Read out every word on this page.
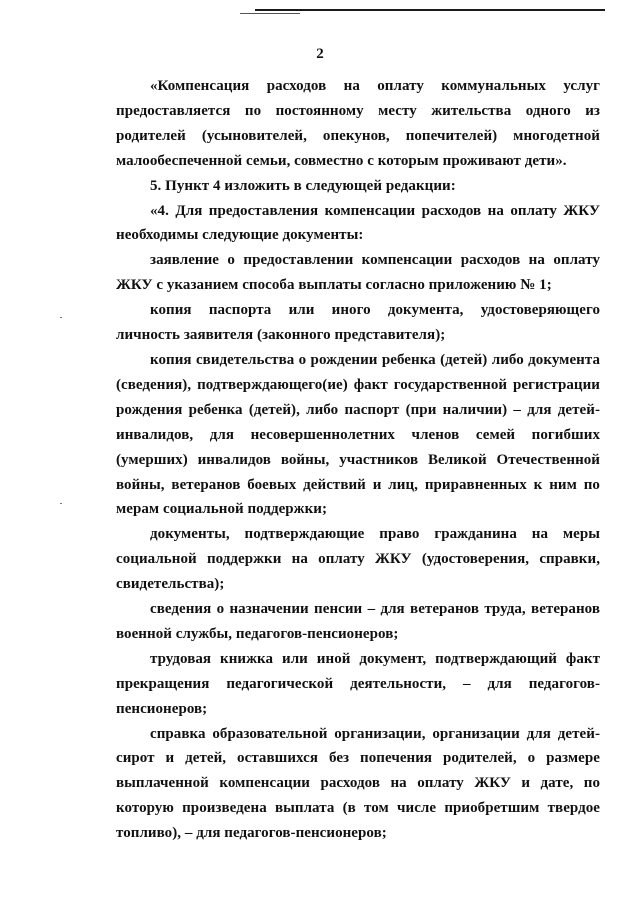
2

«Компенсация расходов на оплату коммунальных услуг предоставляется по постоянному месту жительства одного из родителей (усыновителей, опекунов, попечителей) многодетной малообеспеченной семьи, совместно с которым проживают дети».

5. Пункт 4 изложить в следующей редакции:

«4. Для предоставления компенсации расходов на оплату ЖКУ необходимы следующие документы:

заявление о предоставлении компенсации расходов на оплату ЖКУ с указанием способа выплаты согласно приложению № 1;

копия паспорта или иного документа, удостоверяющего личность заявителя (законного представителя);

копия свидетельства о рождении ребенка (детей) либо документа (сведения), подтверждающего(ие) факт государственной регистрации рождения ребенка (детей), либо паспорт (при наличии) – для детей-инвалидов, для несовершеннолетних членов семей погибших (умерших) инвалидов войны, участников Великой Отечественной войны, ветеранов боевых действий и лиц, приравненных к ним по мерам социальной поддержки;

документы, подтверждающие право гражданина на меры социальной поддержки на оплату ЖКУ (удостоверения, справки, свидетельства);

сведения о назначении пенсии – для ветеранов труда, ветеранов военной службы, педагогов-пенсионеров;

трудовая книжка или иной документ, подтверждающий факт прекращения педагогической деятельности, – для педагогов-пенсионеров;

справка образовательной организации, организации для детей-сирот и детей, оставшихся без попечения родителей, о размере выплаченной компенсации расходов на оплату ЖКУ и дате, по которую произведена выплата (в том числе приобретшим твердое топливо), – для педагогов-пенсионеров;
